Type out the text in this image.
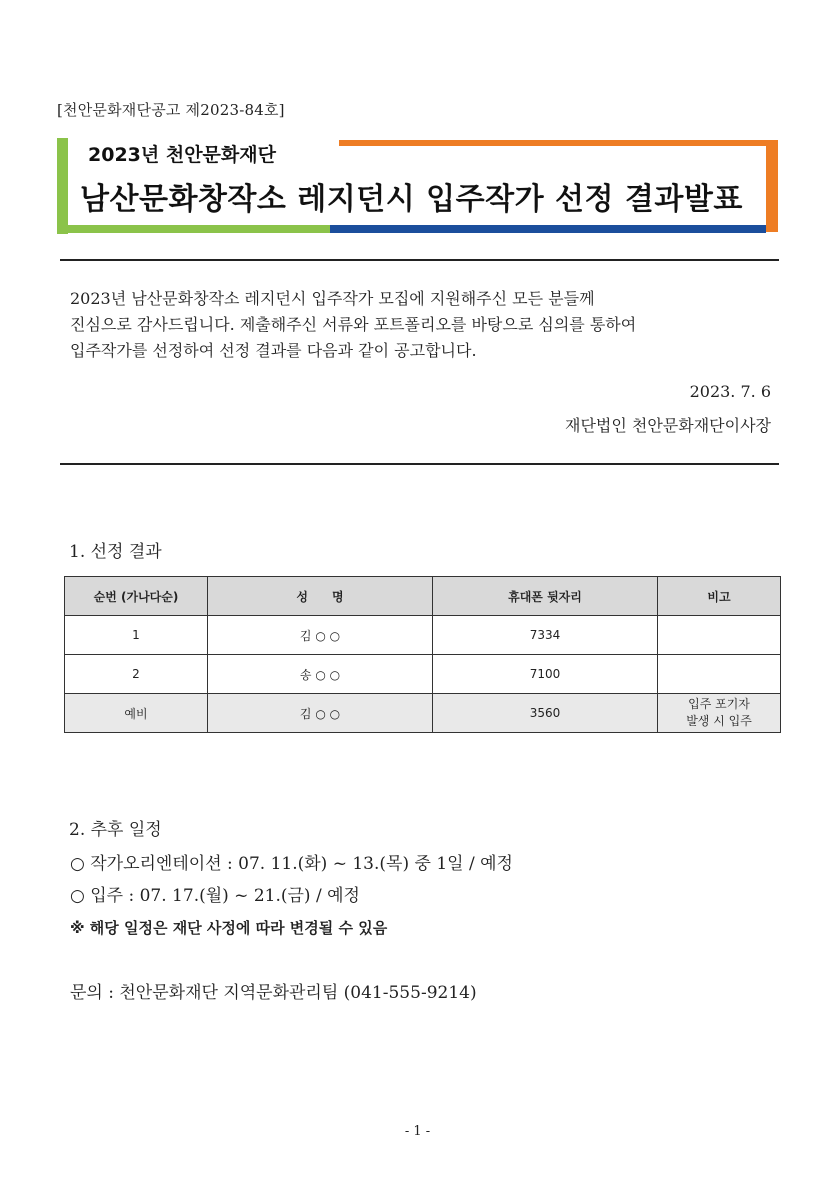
[천안문화재단공고 제2023-84호]
2023년 천안문화재단
남산문화창작소 레지던시 입주작가 선정 결과발표
2023년 남산문화창작소 레지던시 입주작가 모집에 지원해주신 모든 분들께
진심으로 감사드립니다. 제출해주신 서류와 포트폴리오를 바탕으로 심의를 통하여
입주작가를 선정하여 선정 결과를 다음과 같이 공고합니다.
2023. 7. 6
재단법인 천안문화재단이사장
1. 선정 결과
순번 (가나다순)	성　　명	휴대폰 뒷자리	비고
1	김 ○ ○	7334	
2	송 ○ ○	7100	
예비	김 ○ ○	3560	입주 포기자
발생 시 입주
2. 추후 일정
○ 작가오리엔테이션 : 07. 11.(화) ~ 13.(목) 중 1일 / 예정
○ 입주 : 07. 17.(월) ~ 21.(금) / 예정
※ 해당 일정은 재단 사정에 따라 변경될 수 있음
문의 : 천안문화재단 지역문화관리팀 (041-555-9214)
- 1 -
